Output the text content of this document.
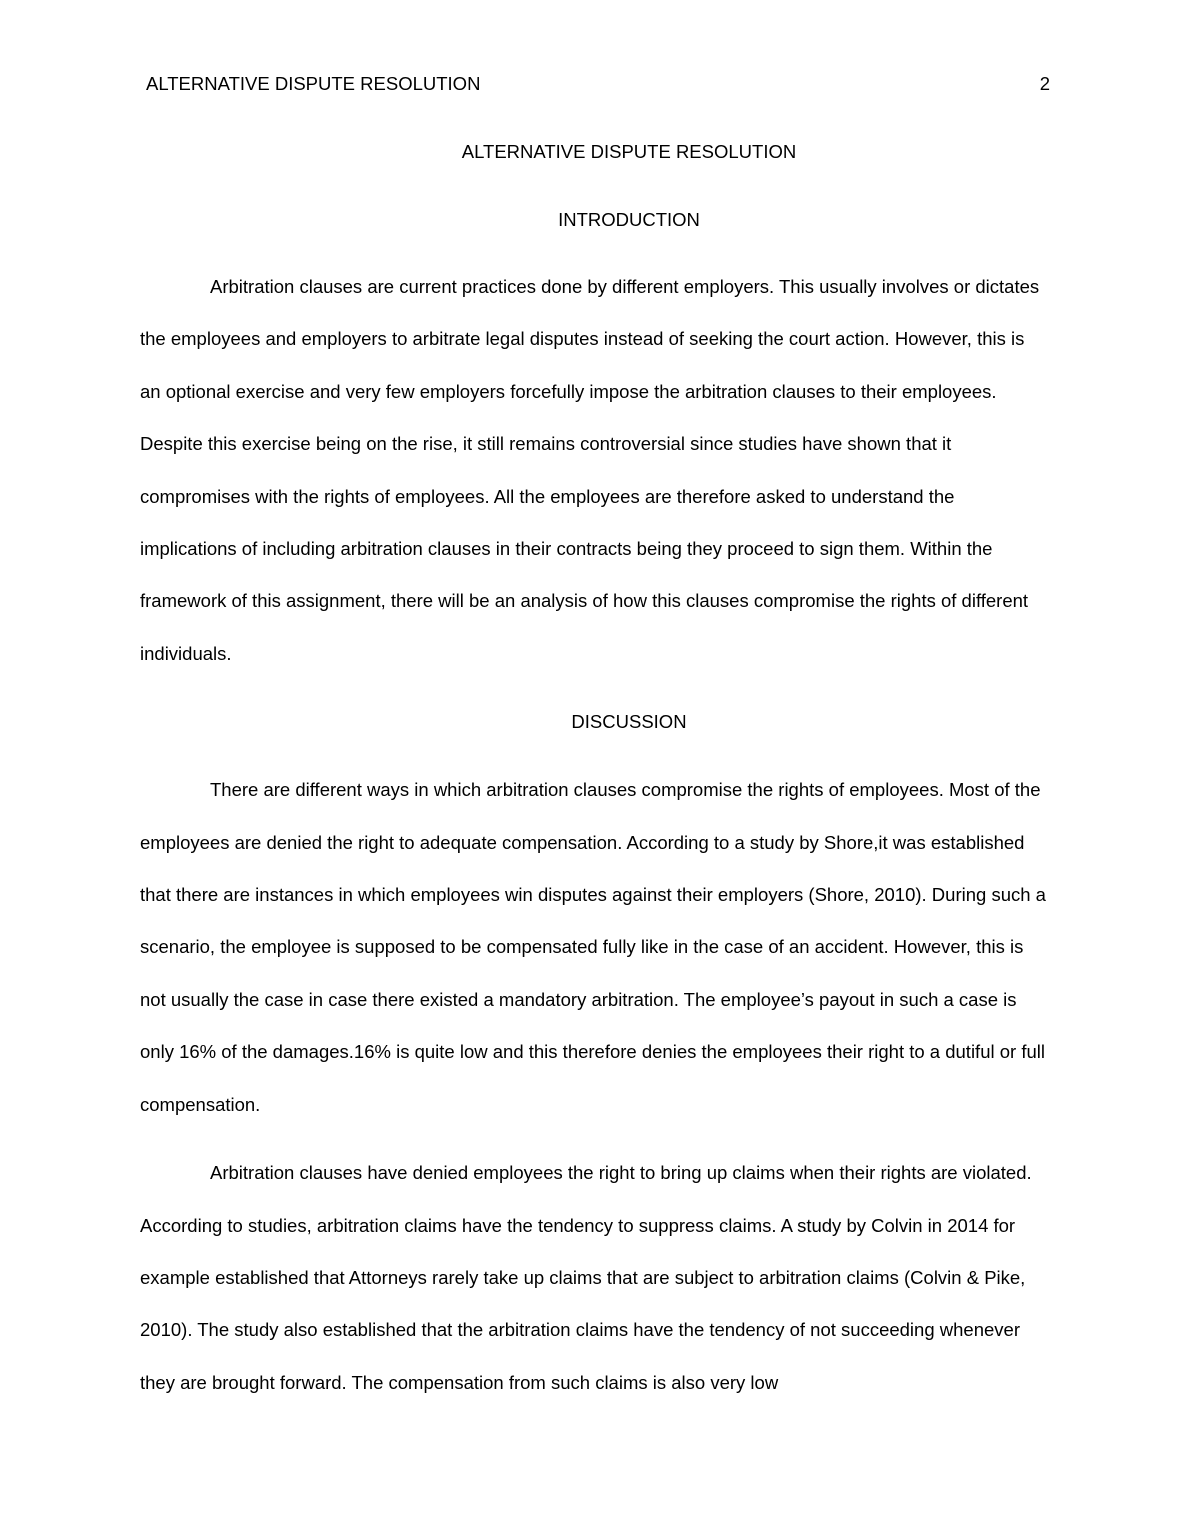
ALTERNATIVE DISPUTE RESOLUTION	2
ALTERNATIVE DISPUTE RESOLUTION
INTRODUCTION

Arbitration clauses are current practices done by different employers. This usually involves or dictates the employees and employers to arbitrate legal disputes instead of seeking the court action. However, this is an optional exercise and very few employers forcefully impose the arbitration clauses to their employees. Despite this exercise being on the rise, it still remains controversial since studies have shown that it compromises with the rights of employees. All the employees are therefore asked to understand the implications of including arbitration clauses in their contracts being they proceed to sign them. Within the framework of this assignment, there will be an analysis of how this clauses compromise the rights of different individuals.

DISCUSSION

There are different ways in which arbitration clauses compromise the rights of employees. Most of the employees are denied the right to adequate compensation. According to a study by Shore,it was established that there are instances in which employees win disputes against their employers (Shore, 2010). During such a scenario, the employee is supposed to be compensated fully like in the case of an accident. However, this is not usually the case in case there existed a mandatory arbitration. The employee’s payout in such a case is only 16% of the damages.16% is quite low and this therefore denies the employees their right to a dutiful or full compensation.

Arbitration clauses have denied employees the right to bring up claims when their rights are violated. According to studies, arbitration claims have the tendency to suppress claims. A study by Colvin in 2014 for example established that Attorneys rarely take up claims that are subject to arbitration claims (Colvin & Pike, 2010). The study also established that the arbitration claims have the tendency of not succeeding whenever they are brought forward. The compensation from such claims is also very low
